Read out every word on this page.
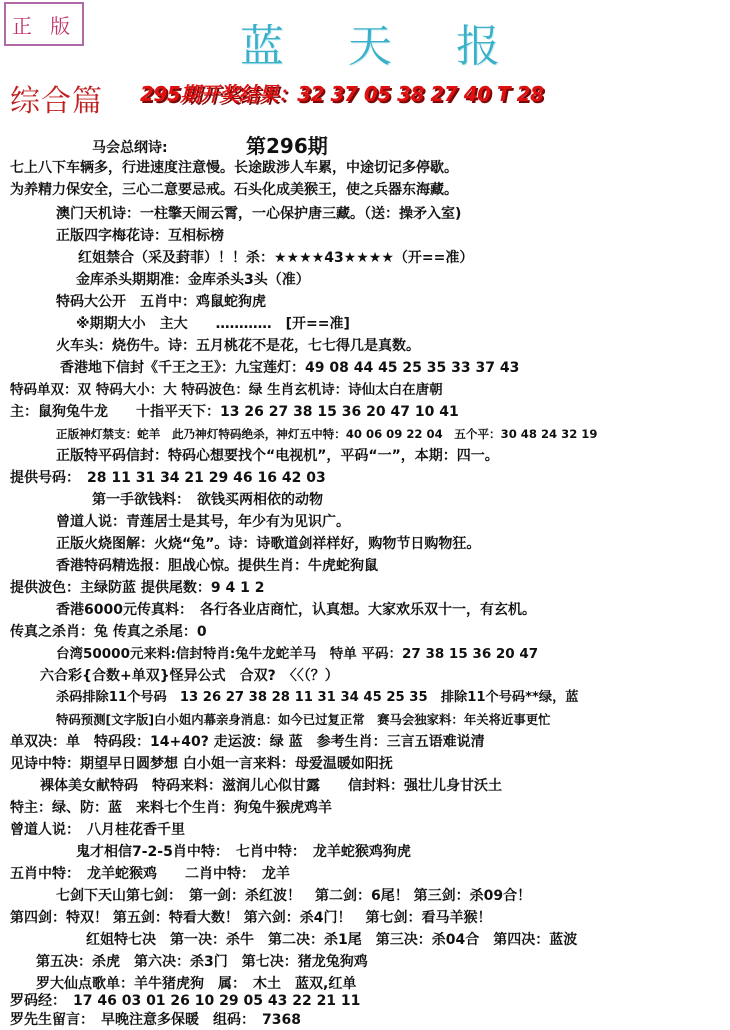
正 版	蓝 天 报
综合篇 295期开奖结果：32 37 05 38 27 40 T 28
第296期
马会总纲诗:
七上八下车辆多，行进速度注意慢。长途跋涉人车累，中途切记多停歇。
为养精力保安全，三心二意要忌戒。石头化成美猴王，使之兵器东海藏。
澳门天机诗：一柱擎天闹云霄，一心保护唐三藏。（送：操矛入室)
正版四字梅花诗：互相标榜
红姐禁合（采及葑菲）！！杀：★★★★43★★★★（开==准）
金库杀头期期准：金库杀头3头（准）
特码大公开　五肖中：鸡鼠蛇狗虎
※期期大小　主大　　…………　[开==准]
火车头：烧伤牛。诗：五月桃花不是花，七七得几是真数。
香港地下信封《千王之王》：九宝莲灯：49 08 44 45 25 35 33 37 43
特码单双：双 特码大小：大 特码波色：绿 生肖玄机诗：诗仙太白在唐朝
主：鼠狗兔牛龙　　十指平天下：13 26 27 38 15 36 20 47 10 41
正版神灯禁支：蛇羊　此乃神灯特码绝杀，神灯五中特：40 06 09 22 04　五个平：30 48 24 32 19
正版特平码信封：特码心想要找个“电视机”，平码“一”，本期：四一。
提供号码：　28 11 31 34 21 29 46 16 42 03
第一手欲钱料：　欲钱买两相依的动物
曾道人说：青莲居士是其号，年少有为见识广。
正版火烧图解：火烧“兔”。诗：诗歌道剑祥样好，购物节日购物狂。
香港特码精选报：胆战心惊。提供生肖：牛虎蛇狗鼠
提供波色：主绿防蓝 提供尾数：9 4 1 2
香港6000元传真料：　各行各业店商忙，认真想。大家欢乐双十一，有玄机。
传真之杀肖：兔 传真之杀尾：0
台湾50000元来料:信封特肖:兔牛龙蛇羊马　特单 平码：27 38 15 36 20 47
六合彩{合数+单双}怪异公式　合双?　〈〈（？）
杀码排除11个号码　13 26 27 38 28 11 31 34 45 25 35　排除11个号码**绿，蓝
特码预测[文字版]白小姐内幕亲身消息：如今已过复正常　赛马会独家料：年关将近事更忙
单双决：单　特码段：14+40? 走运波：绿 蓝　参考生肖：三言五语难说清
见诗中特：期望早日圆梦想 白小姐一言来料：母爱温暖如阳抚
裸体美女献特码　特码来料：滋润儿心似甘露　　信封料：强壮儿身甘沃土
特主：绿、防：蓝　来料七个生肖：狗兔牛猴虎鸡羊
曾道人说：　八月桂花香千里
鬼才相信7-2-5肖中特：　七肖中特：　龙羊蛇猴鸡狗虎
五肖中特：　龙羊蛇猴鸡　　二肖中特：　龙羊
七剑下天山第七剑：　第一剑：杀红波！　第二剑：6尾！ 第三剑：杀09合！
第四剑：特双！ 第五剑：特看大数！ 第六剑：杀4门！　第七剑：看马羊猴！
红姐特七决　第一决：杀牛　第二决：杀1尾　第三决：杀04合　第四决：蓝波
第五决：杀虎　第六决：杀3门　第七决：猪龙兔狗鸡
罗大仙点歌单：羊牛猪虎狗　属：　木土　蓝双,红单
罗码经：　17 46 03 01 26 10 29 05 43 22 21 11
罗先生留言：　早晚注意多保暖　组码：　7368
